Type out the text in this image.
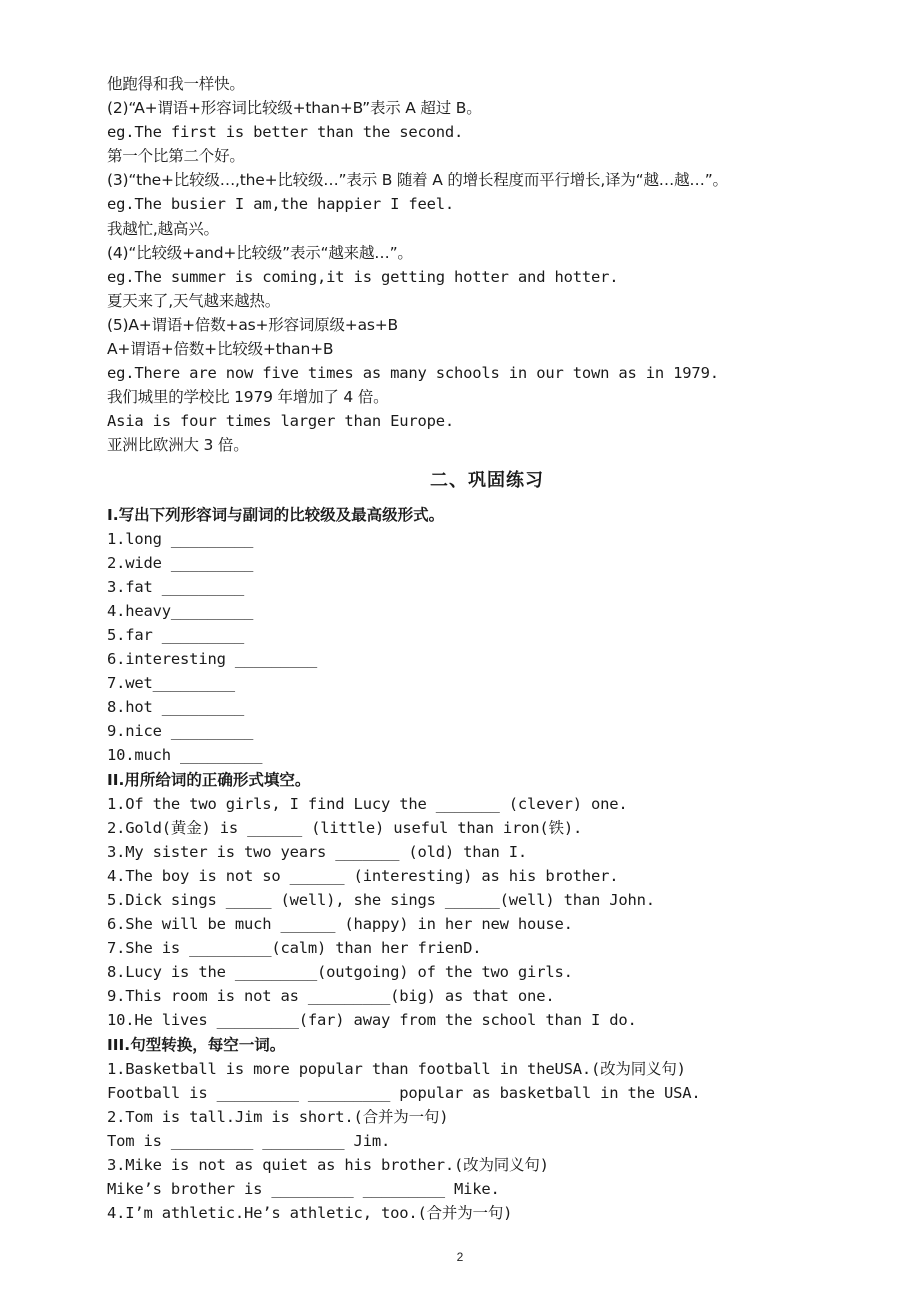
他跑得和我一样快。
(2)“A+谓语+形容词比较级+than+B”表示 A 超过 B。
eg.The first is better than the second.
第一个比第二个好。
(3)“the+比较级…,the+比较级…”表示 B 随着 A 的增长程度而平行增长,译为“越…越…”。
eg.The busier I am,the happier I feel.
我越忙,越高兴。
(4)“比较级+and+比较级”表示“越来越…”。
eg.The summer is coming,it is getting hotter and hotter.
夏天来了,天气越来越热。
(5)A+谓语+倍数+as+形容词原级+as+B
A+谓语+倍数+比较级+than+B
eg.There are now five times as many schools in our town as in 1979.
我们城里的学校比 1979 年增加了 4 倍。
Asia is four times larger than Europe.
亚洲比欧洲大 3 倍。
二、巩固练习
I.写出下列形容词与副词的比较级及最高级形式。
1.long _________
2.wide _________
3.fat _________
4.heavy_________
5.far _________
6.interesting _________
7.wet_________
8.hot _________
9.nice _________
10.much _________
II.用所给词的正确形式填空。
1.Of the two girls, I find Lucy the _______ (clever) one.
2.Gold(黄金) is ______ (little) useful than iron(铁).
3.My sister is two years _______ (old) than I.
4.The boy is not so ______ (interesting) as his brother.
5.Dick sings _____ (well), she sings ______(well) than John.
6.She will be much ______ (happy) in her new house.
7.She is _________(calm) than her frienD.
8.Lucy is the _________(outgoing) of the two girls.
9.This room is not as _________(big) as that one.
10.He lives _________(far) away from the school than I do.
III.句型转换，每空一词。
1.Basketball is more popular than football in theUSA.(改为同义句)
Football is _________ _________ popular as basketball in the USA.
2.Tom is tall.Jim is short.(合并为一句)
Tom is _________ _________ Jim.
3.Mike is not as quiet as his brother.(改为同义句)
Mike’s brother is _________ _________ Mike.
4.I’m athletic.He’s athletic, too.(合并为一句)
2
